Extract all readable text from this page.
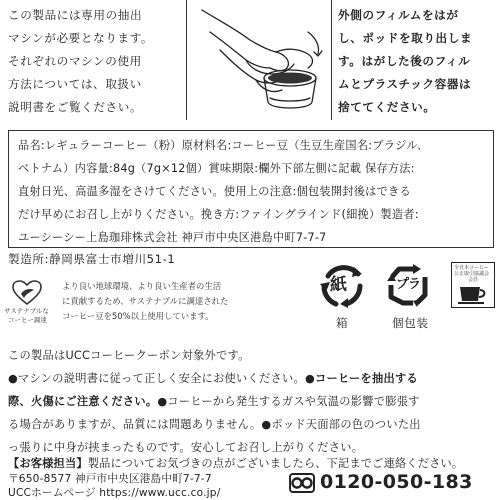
この製品には専用の抽出
マシンが必要となります。
それぞれのマシンの使用
方法については、取扱い
説明書をご覧ください。
外側のフィルムをはが
し、ポッドを取り出しま
す。はがした後のフィル
ムとプラスチック容器は
捨ててください。
品名:レギュラーコーヒー（粉）原材料名:コーヒー豆（生豆生産国名:ブラジル、
ベトナム）内容量:84g（7g×12個）賞味期限:欄外下部左側に記載 保存方法:
直射日光、高温多湿をさけてください。使用上の注意:個包装開封後はできる
だけ早めにお召し上がりください。挽き方:ファイングラインド(細挽）製造者:
ユーシーシー上島珈琲株式会社 神戸市中央区港島中町7-7-7
製造所:静岡県富士市増川51-1
サステナブルな
コーヒー調達
より良い地球環境、より良い生産者の生活
に貢献するため、サステナブルに調達された
コーヒー豆を50%以上使用しています。
紙
箱
プラ
個包装
全日本コーヒー
公正取引協議会
会員
この製品はUCCコーヒークーポン対象外です。
●マシンの説明書に従って正しく安全にお使いください。●コーヒーを抽出する
際、火傷にご注意ください。●コーヒーから発生するガスや気温の影響で膨張す
る場合がありますが、品質には問題ありません。●ポッド天面部の色のついた出
っ張りに中身が挟まったものです。安心してお召し上がりください。
【お客様担当】製品についてお気づきの点がございましたら、下記までご連絡ください。
〒650-8577 神戸市中央区港島中町7-7-7
UCCホームページ https://www.ucc.co.jp/	0120-050-183
